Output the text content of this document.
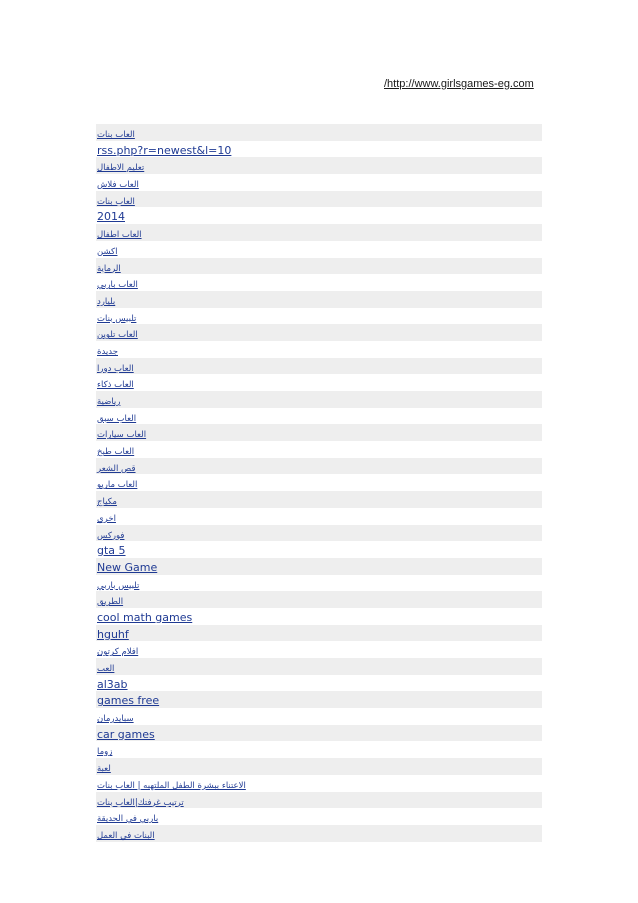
/http://www.girlsgames-eg.com
العاب بنات
rss.php?r=newest&l=10
تعليم الاطفال
العاب فلاش
العاب بنات
2014
العاب اطفال
اكشن
الرماية
العاب باربي
بليارد
تلبيس بنات
العاب تلوين
جديدة
العاب دورا
العاب ذكاء
رياضية
العاب سبق
العاب سيارات
العاب طبخ
قص الشعر
العاب ماريو
مكياج
اخري
فوركس
gta 5
New Game
تلبيس باربي
الطريق
cool math games
hguhf
افلام كرتون
العب
al3ab
games free
سبايدرمان
car games
زوما
لعبة
الاعتناء ببشرة الطفل الملتهبه | العاب بنات
ترتيب غرفتك|العاب بنات
باربي في الحديقة
البنات في العمل
